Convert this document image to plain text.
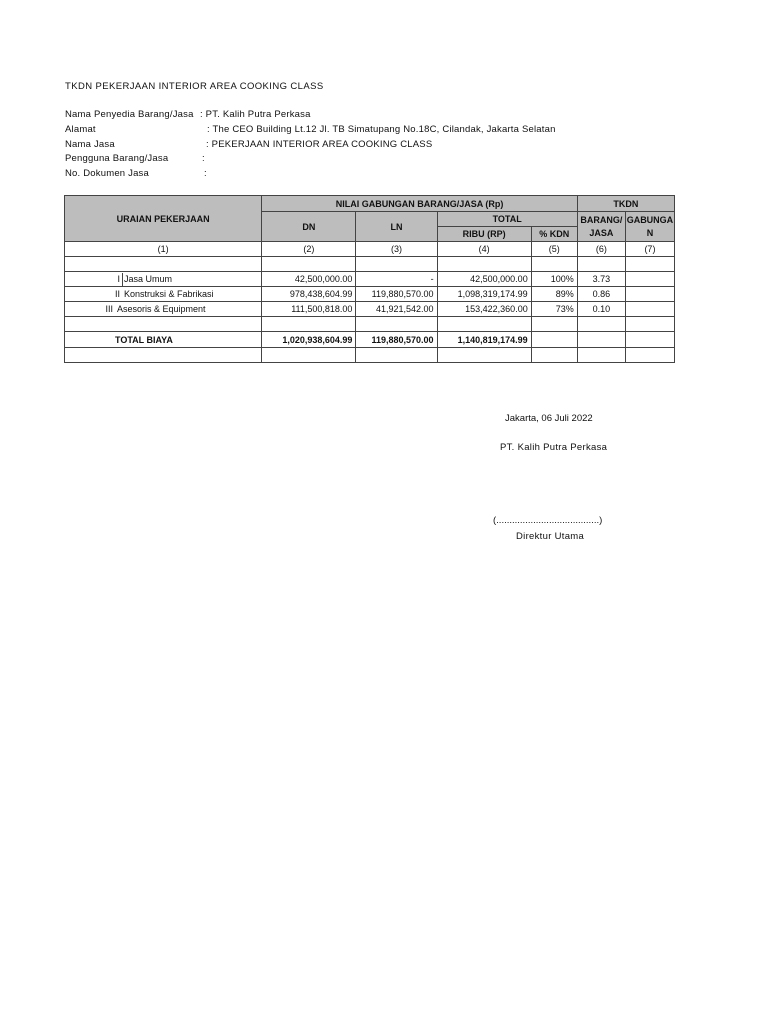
TKDN PEKERJAAN INTERIOR AREA COOKING CLASS
Nama Penyedia Barang/Jasa : PT. Kalih Putra Perkasa
Alamat	: The CEO Building Lt.12 Jl. TB Simatupang No.18C, Cilandak, Jakarta Selatan
Nama Jasa	: PEKERJAAN INTERIOR AREA COOKING CLASS
Pengguna Barang/Jasa	:
No. Dokumen Jasa	:
URAIAN PEKERJAAN	NILAI GABUNGAN BARANG/JASA (Rp)				TKDN	
	DN	LN	TOTAL		BARANG/ JASA	GABUNGA N
			RIBU (RP)	% KDN		
(1)	(2)	(3)	(4)	(5)	(6)	(7)

I Jasa Umum	42,500,000.00	-	42,500,000.00	100%	3.73	

II Konstruksi & Fabrikasi	978,438,604.99	119,880,570.00	1,098,319,174.99	89%	0.86	

III Asesoris & Equipment	111,500,818.00	41,921,542.00	153,422,360.00	73%	0.10	

TOTAL BIAYA	1,020,938,604.99	119,880,570.00	1,140,819,174.99			

Jakarta, 06 Juli 2022
PT. Kalih Putra Perkasa
(.......................................)
Direktur Utama
